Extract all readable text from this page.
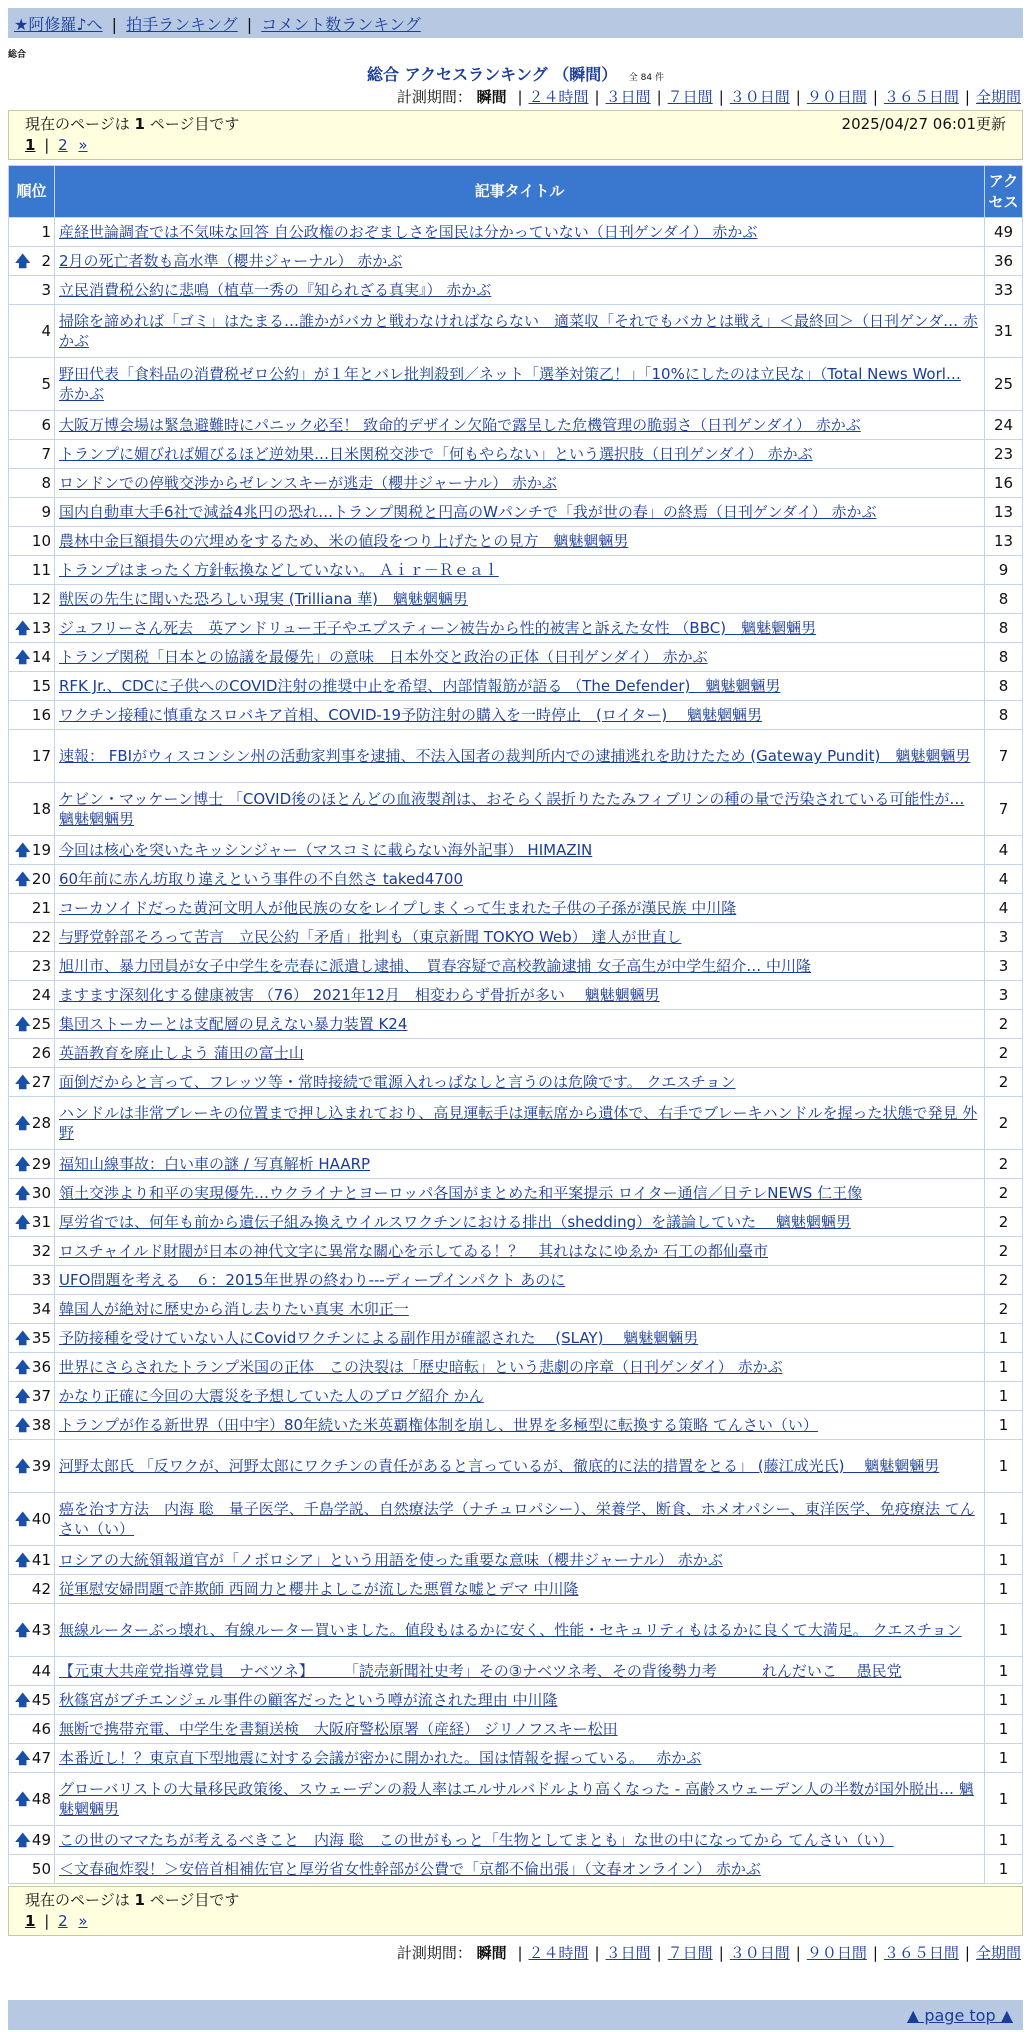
★阿修羅♪へ | 拍手ランキング | コメント数ランキング
総合
総合 アクセスランキング （瞬間） 全 84 件
計測期間： 瞬間 | ２４時間 | ３日間 | ７日間 | ３０日間 | ９０日間 | ３６５日間 | 全期間
現在のページは 1 ページ目です	2025/04/27 06:01更新
1 | 2 »
順位	記事タイトル	アクセス
1	産経世論調査では不気味な回答 自公政権のおぞましさを国民は分かっていない（日刊ゲンダイ） 赤かぶ	49

🡅 2	2月の死亡者数も高水準（櫻井ジャーナル） 赤かぶ	36
3	立民消費税公約に悲鳴（植草一秀の『知られざる真実』） 赤かぶ	33
4	掃除を諦めれば「ゴミ」はたまる…誰かがバカと戦わなければならない　適菜収「それでもバカとは戦え」＜最終回＞（日刊ゲンダ… 赤かぶ	31
5	野田代表「食料品の消費税ゼロ公約」が１年とバレ批判殺到／ネット「選挙対策乙！」「10%にしたのは立民な」（Total News Worl… 赤かぶ	25
6	大阪万博会場は緊急避難時にパニック必至！ 致命的デザイン欠陥で露呈した危機管理の脆弱さ（日刊ゲンダイ） 赤かぶ	24
7	トランプに媚びれば媚びるほど逆効果…日米関税交渉で「何もやらない」という選択肢（日刊ゲンダイ） 赤かぶ	23
8	ロンドンでの停戦交渉からゼレンスキーが逃走（櫻井ジャーナル） 赤かぶ	16
9	国内自動車大手6社で減益4兆円の恐れ…トランプ関税と円高のWパンチで「我が世の春」の終焉（日刊ゲンダイ） 赤かぶ	13
10	農林中金巨額損失の穴埋めをするため、米の値段をつり上げたとの見方　魑魅魍魎男	13
11	トランプはまったく方針転換などしていない。 Ａｉｒ－Ｒｅａｌ	9
12	獣医の先生に聞いた恐ろしい現実 (Trilliana 華)　魑魅魍魎男	8

🡅 13	ジュフリーさん死去　英アンドリュー王子やエプスティーン被告から性的被害と訴えた女性 （BBC)　魑魅魍魎男	8

🡅 14	トランプ関税「日本との協議を最優先」の意味　日本外交と政治の正体（日刊ゲンダイ） 赤かぶ	8
15	RFK Jr.、CDCに子供へのCOVID注射の推奨中止を希望、内部情報筋が語る （The Defender)　魑魅魍魎男	8
16	ワクチン接種に慎重なスロバキア首相、COVID-19予防注射の購入を一時停止　(ロイター)　 魑魅魍魎男	8
17	速報： FBIがウィスコンシン州の活動家判事を逮捕、不法入国者の裁判所内での逮捕逃れを助けたため (Gateway Pundit)　魑魅魍魎男	7
18	ケビン・マッケーン博士 「COVID後のほとんどの血液製剤は、おそらく誤折りたたみフィブリンの種の量で汚染されている可能性が… 魑魅魍魎男	7

🡅 19	今回は核心を突いたキッシンジャー（マスコミに載らない海外記事） HIMAZIN	4

🡅 20	60年前に赤ん坊取り違えという事件の不自然さ taked4700	4
21	コーカソイドだった黄河文明人が他民族の女をレイプしまくって生まれた子供の子孫が漢民族 中川隆	4
22	与野党幹部そろって苦言　立民公約「矛盾」批判も（東京新聞 TOKYO Web） 達人が世直し	3
23	旭川市、暴力団員が女子中学生を売春に派遣し逮捕、　買春容疑で高校教諭逮捕 女子高生が中学生紹介… 中川隆	3
24	ますます深刻化する健康被害 （76） 2021年12月　相変わらず骨折が多い　 魑魅魍魎男	3

🡅 25	集団ストーカーとは支配層の見えない暴力装置 K24	2
26	英語教育を廃止しよう 蒲田の富士山	2

🡅 27	面倒だからと言って、フレッツ等・常時接続で電源入れっぱなしと言うのは危険です。 クエスチョン	2

🡅 28	ハンドルは非常ブレーキの位置まで押し込まれており、高見運転手は運転席から遺体で、右手でブレーキハンドルを握った状態で発見 外野	2

🡅 29	福知山線事故：白い車の謎 / 写真解析 HAARP	2

🡅 30	領土交渉より和平の実現優先…ウクライナとヨーロッパ各国がまとめた和平案提示 ロイター通信／日テレNEWS 仁王像	2

🡅 31	厚労省では、何年も前から遺伝子組み換えウイルスワクチンにおける排出（shedding）を議論していた　 魑魅魍魎男	2
32	ロスチャイルド財閥が日本の神代文字に異常な關心を示してゐる！？　其れはなにゆゑか 石工の都仙臺市	2
33	UFO問題を考える　６：2015年世界の終わり---ディープインパクト あのに	2
34	韓国人が絶対に歴史から消し去りたい真実 木卯正一	2

🡅 35	予防接種を受けていない人にCovidワクチンによる副作用が確認された　 (SLAY)　 魑魅魍魎男	1

🡅 36	世界にさらされたトランプ米国の正体　この決裂は「歴史暗転」という悲劇の序章（日刊ゲンダイ） 赤かぶ	1

🡅 37	かなり正確に今回の大震災を予想していた人のブログ紹介 かん	1

🡅 38	トランプが作る新世界（田中宇）80年続いた米英覇権体制を崩し、世界を多極型に転換する策略 てんさい（い）	1

🡅 39	河野太郎氏 「反ワクが、河野太郎にワクチンの責任があると言っているが、徹底的に法的措置をとる」 (藤江成光氏)　 魑魅魍魎男	1

🡅 40	癌を治す方法　内海 聡　量子医学、千島学説、自然療法学（ナチュロパシー）、栄養学、断食、ホメオパシー、東洋医学、免疫療法 てんさい（い）	1

🡅 41	ロシアの大統領報道官が「ノボロシア」という用語を使った重要な意味（櫻井ジャーナル） 赤かぶ	1
42	従軍慰安婦問題で詐欺師 西岡力と櫻井よしこが流した悪質な嘘とデマ 中川隆	1

🡅 43	無線ルーターぶっ壊れ、有線ルーター買いました。値段もはるかに安く、性能・セキュリティもはるかに良くて大満足。 クエスチョン	1
44	【元東大共産党指導党員　ナベツネ】　　　「読売新聞社史考」その③ナベツネ考、その背後勢力考　　　れんだいこ　 愚民党	1

🡅 45	秋篠宮がブチエンジェル事件の顧客だったという噂が流された理由 中川隆	1
46	無断で携帯充電、中学生を書類送検　大阪府警松原署（産経） ジリノフスキー松田	1

🡅 47	本番近し！？東京直下型地震に対する会議が密かに開かれた。国は情報を握っている。　 赤かぶ	1

🡅 48	グローバリストの大量移民政策後、スウェーデンの殺人率はエルサルバドルより高くなった - 高齢スウェーデン人の半数が国外脱出… 魑魅魍魎男	1

🡅 49	この世のママたちが考えるべきこと　内海 聡　この世がもっと「生物としてまとも」な世の中になってから てんさい（い）	1
50	＜文春砲炸裂！＞安倍首相補佐官と厚労省女性幹部が公費で「京都不倫出張」（文春オンライン） 赤かぶ	1
現在のページは 1 ページ目です
1 | 2 »
計測期間： 瞬間 | ２４時間 | ３日間 | ７日間 | ３０日間 | ９０日間 | ３６５日間 | 全期間
▲ page top ▲
